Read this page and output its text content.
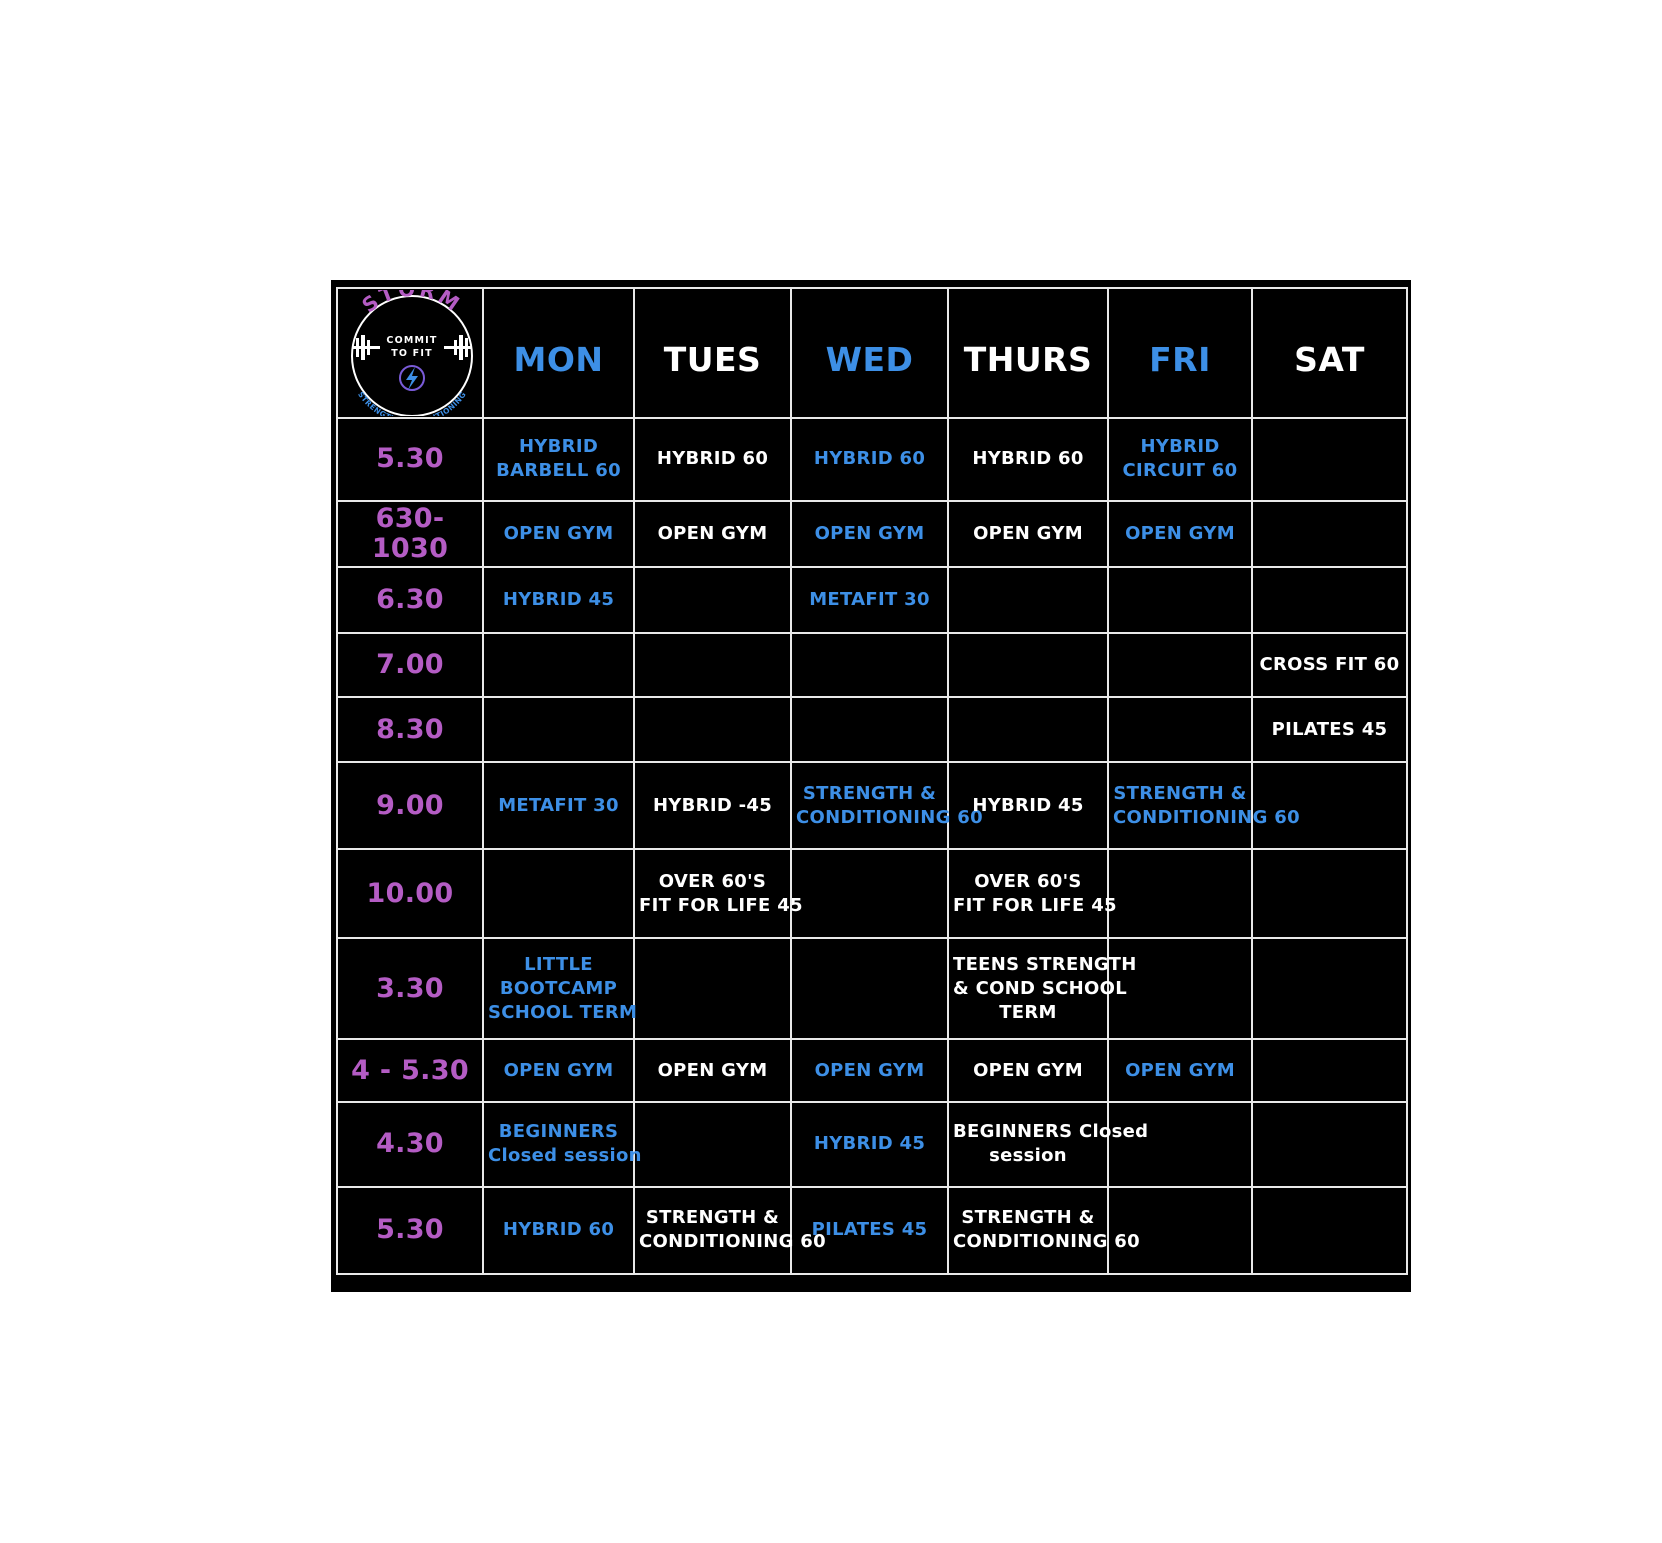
ST RM
STRENG TIONING
COMMIT
TO FIT	MON	TUES	WED	THURS	FRI	SAT
5.30	HYBRID
BARBELL 60	HYBRID 60	HYBRID 60	HYBRID 60	HYBRID
CIRCUIT 60	

630-1030	OPEN GYM	OPEN GYM	OPEN GYM	OPEN GYM	OPEN GYM	

6.30	HYBRID 45		METAFIT 30			

7.00						CROSS FIT 60

8.30						PILATES 45

9.00	METAFIT 30	HYBRID -45	STRENGTH &
CONDITIONING 60	HYBRID 45	STRENGTH &
CONDITIONING 60	

10.00		OVER 60'S
FIT FOR LIFE 45		OVER 60'S
FIT FOR LIFE 45		

3.30	LITTLE
BOOTCAMP
SCHOOL TERM			TEENS STRENGTH
& COND SCHOOL
TERM		

4 - 5.30	OPEN GYM	OPEN GYM	OPEN GYM	OPEN GYM	OPEN GYM	

4.30	BEGINNERS
Closed session		HYBRID 45	BEGINNERS Closed
session		

5.30	HYBRID 60	STRENGTH &
CONDITIONING 60	PILATES 45	STRENGTH &
CONDITIONING 60		
